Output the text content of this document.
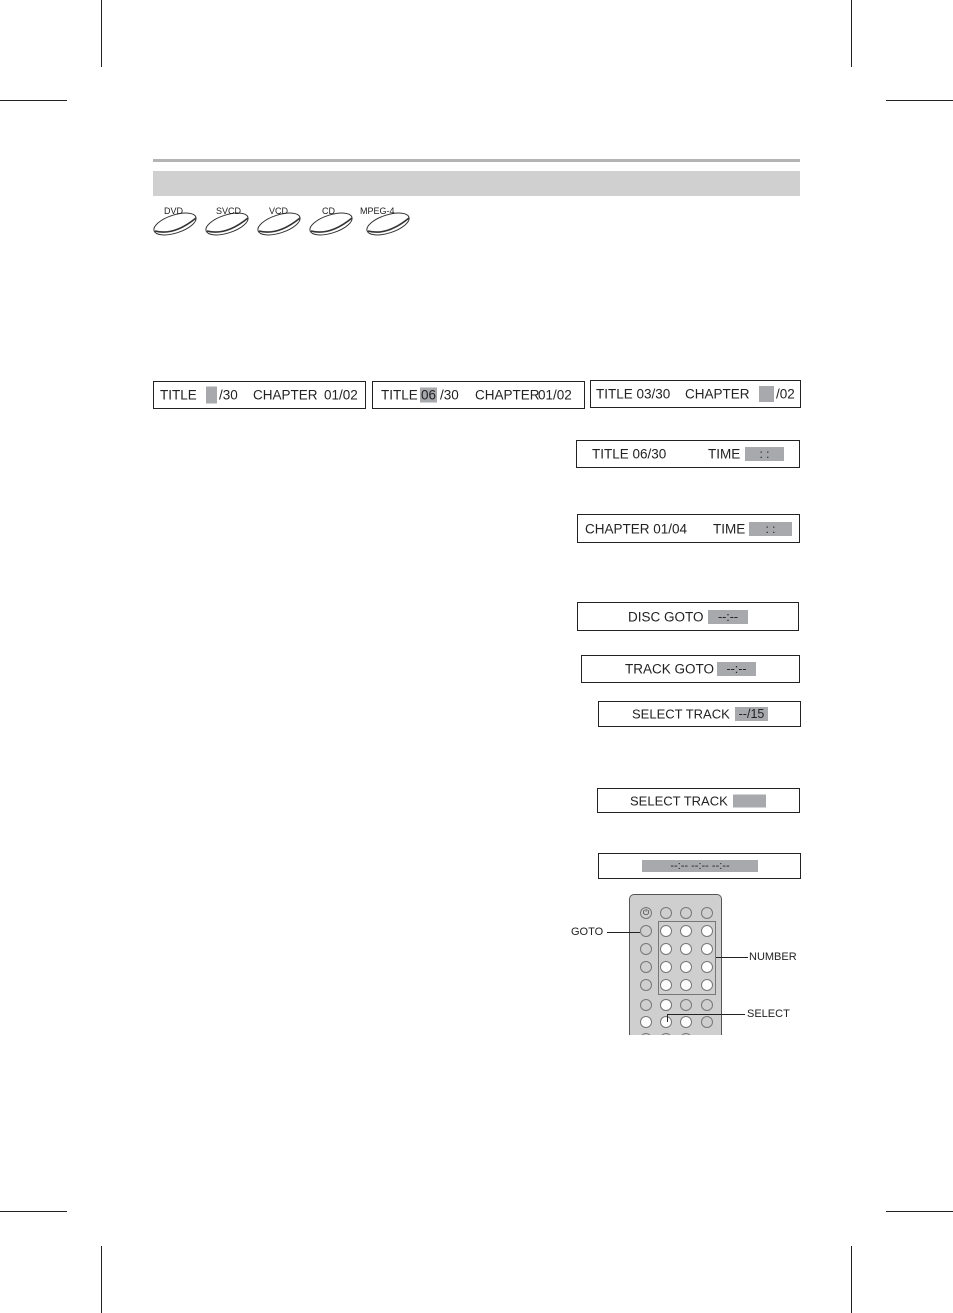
DVD	SVCD	VCD	CD	MPEG-4
TITLE /30 CHAPTER 01/02 TITLE 06 /30 CHAPTER
01/02 TITLE 03/30 CHAPTER /02
TITLE 06/30	TIME	: :
CHAPTER 01/04 TIME	: :
DISC GOTO	--:--
TRACK GOTO --:--
SELECT TRACK --/15
SELECT TRACK
--:-- --:-- --:--
⏻
GOTO
NUMBER
SELECT
